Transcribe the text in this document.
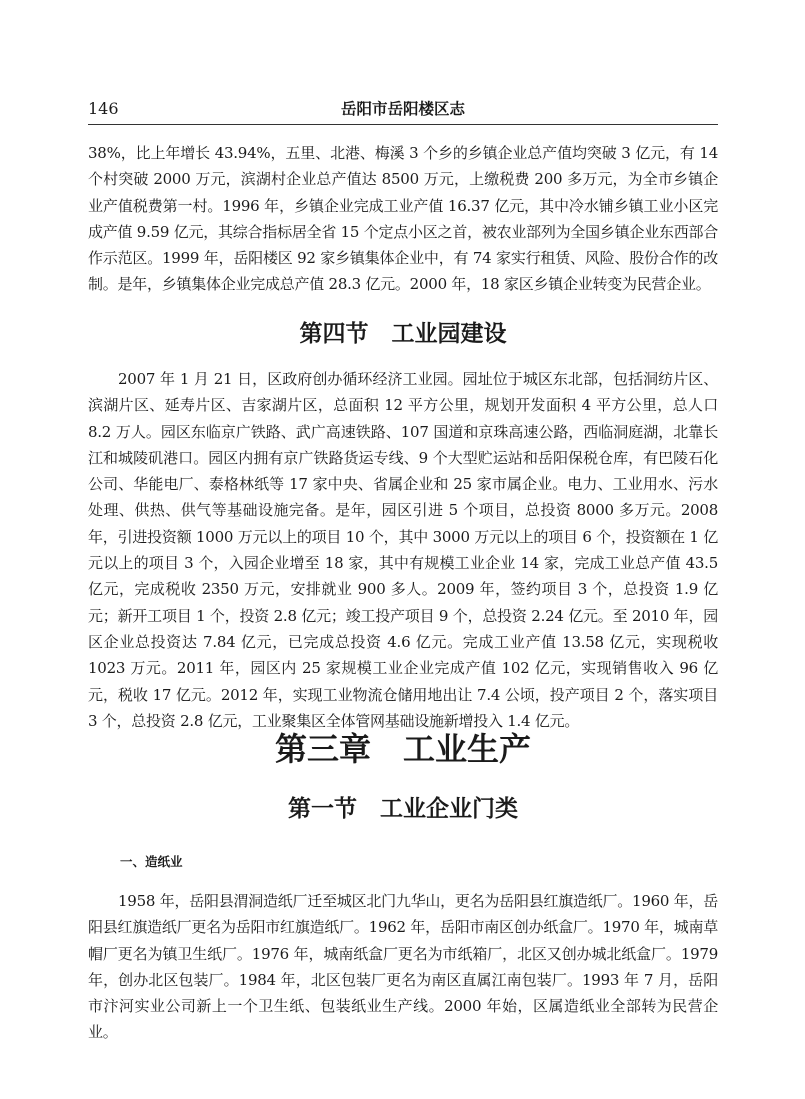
146	岳阳市岳阳楼区志

38%，比上年增长 43.94%，五里、北港、梅溪 3 个乡的乡镇企业总产值均突破 3 亿元，有 14 个村突破 2000 万元，滨湖村企业总产值达 8500 万元，上缴税费 200 多万元，为全市乡镇企业产值税费第一村。1996 年，乡镇企业完成工业产值 16.37 亿元，其中冷水铺乡镇工业小区完成产值 9.59 亿元，其综合指标居全省 15 个定点小区之首，被农业部列为全国乡镇企业东西部合作示范区。1999 年，岳阳楼区 92 家乡镇集体企业中，有 74 家实行租赁、风险、股份合作的改制。是年，乡镇集体企业完成总产值 28.3 亿元。2000 年，18 家区乡镇企业转变为民营企业。

第四节　工业园建设

2007 年 1 月 21 日，区政府创办循环经济工业园。园址位于城区东北部，包括洞纺片区、滨湖片区、延寿片区、吉家湖片区，总面积 12 平方公里，规划开发面积 4 平方公里，总人口 8.2 万人。园区东临京广铁路、武广高速铁路、107 国道和京珠高速公路，西临洞庭湖，北靠长江和城陵矶港口。园区内拥有京广铁路货运专线、9 个大型贮运站和岳阳保税仓库，有巴陵石化公司、华能电厂、泰格林纸等 17 家中央、省属企业和 25 家市属企业。电力、工业用水、污水处理、供热、供气等基础设施完备。是年，园区引进 5 个项目，总投资 8000 多万元。2008 年，引进投资额 1000 万元以上的项目 10 个，其中 3000 万元以上的项目 6 个，投资额在 1 亿元以上的项目 3 个，入园企业增至 18 家，其中有规模工业企业 14 家，完成工业总产值 43.5 亿元，完成税收 2350 万元，安排就业 900 多人。2009 年，签约项目 3 个，总投资 1.9 亿元；新开工项目 1 个，投资 2.8 亿元；竣工投产项目 9 个，总投资 2.24 亿元。至 2010 年，园区企业总投资达 7.84 亿元，已完成总投资 4.6 亿元。完成工业产值 13.58 亿元，实现税收 1023 万元。2011 年，园区内 25 家规模工业企业完成产值 102 亿元，实现销售收入 96 亿元，税收 17 亿元。2012 年，实现工业物流仓储用地出让 7.4 公顷，投产项目 2 个，落实项目 3 个，总投资 2.8 亿元，工业聚集区全体管网基础设施新增投入 1.4 亿元。

第三章　工业生产
第一节　工业企业门类
一、造纸业

1958 年，岳阳县渭洞造纸厂迁至城区北门九华山，更名为岳阳县红旗造纸厂。1960 年，岳阳县红旗造纸厂更名为岳阳市红旗造纸厂。1962 年，岳阳市南区创办纸盒厂。1970 年，城南草帽厂更名为镇卫生纸厂。1976 年，城南纸盒厂更名为市纸箱厂，北区又创办城北纸盒厂。1979 年，创办北区包装厂。1984 年，北区包装厂更名为南区直属江南包装厂。1993 年 7 月，岳阳市汴河实业公司新上一个卫生纸、包装纸业生产线。2000 年始，区属造纸业全部转为民营企业。
